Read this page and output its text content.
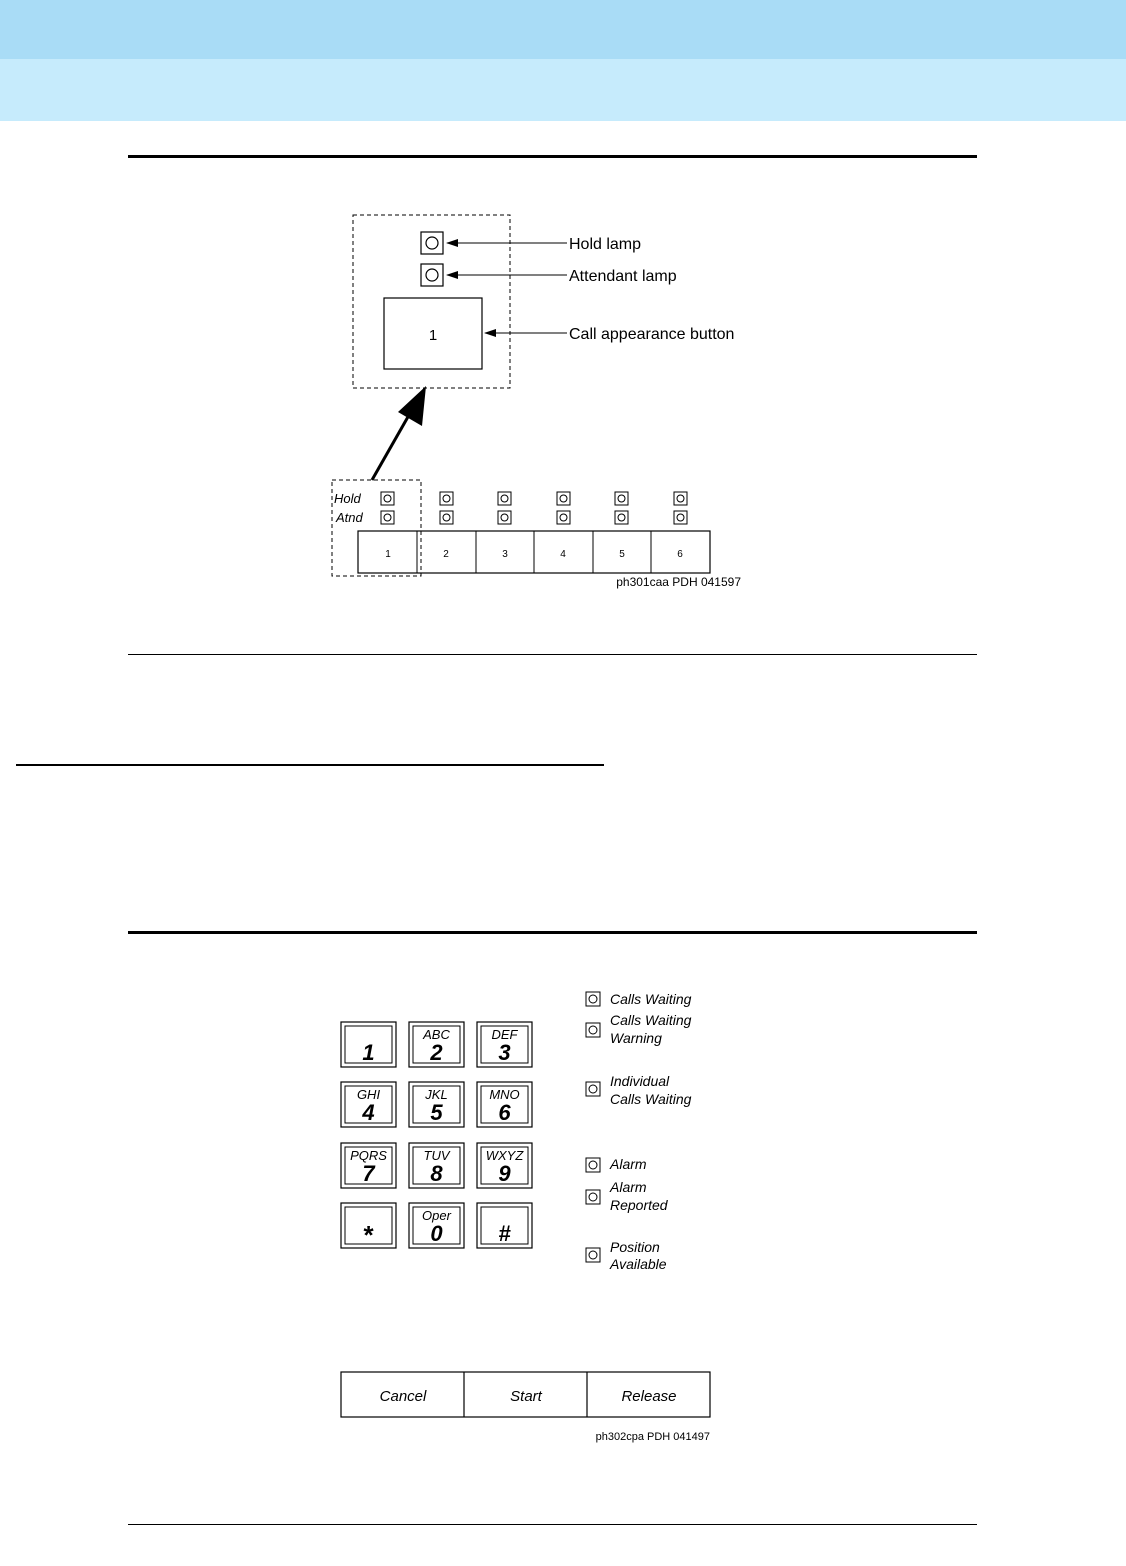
1
Hold lamp
Attendant lamp
Call appearance button
Hold
Atnd
1	2	3	4	5	6
ph301caa PDH 041597
1
ABC
2
DEF
3
GHI
4
JKL
5
MNO
6
PQRS
7
TUV
8
WXYZ
9
*
Oper
0	#
Calls Waiting
Calls Waiting
Warning
Individual
Calls Waiting
Alarm
Alarm
Reported
Position
Available
Cancel	Start	Release
ph302cpa PDH 041497
